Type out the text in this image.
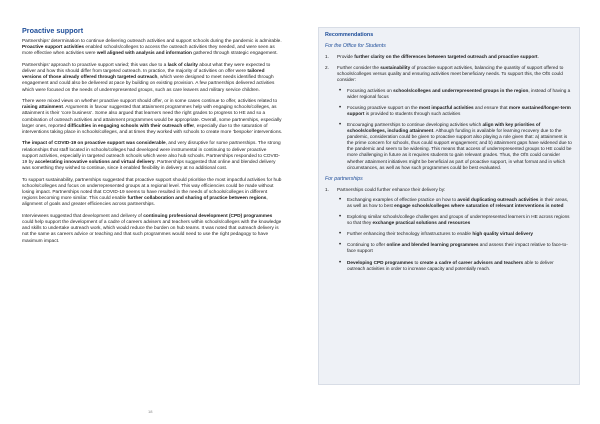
Proactive support

Partnerships’ determination to continue delivering outreach activities and support schools during the pandemic is admirable. Proactive support activities enabled schools/colleges to access the outreach activities they needed, and were seen as more effective when activities were well aligned with analysis and information gathered through strategic engagement.

Partnerships’ approach to proactive support varied; this was due to a lack of clarity about what they were expected to deliver and how this should differ from targeted outreach. In practice, the majority of activities on offer were tailored versions of those already offered through targeted outreach, which were designed to meet needs identified through engagement and could also be delivered at pace by building on existing provision. A few partnerships delivered activities which were focused on the needs of underrepresented groups, such as care leavers and military service children.

There were mixed views on whether proactive support should offer, or in some cases continue to offer, activities related to raising attainment. Arguments in favour suggested that attainment programmes help with engaging schools/colleges, as attainment is their ‘core business’. Some also argued that learners need the right grades to progress to HE and so a combination of outreach activities and attainment programmes would be appropriate. Overall, some partnerships, especially larger ones, reported difficulties in engaging schools with their outreach offer, especially due to the saturation of interventions taking place in schools/colleges, and at times they worked with schools to create more ‘bespoke’ interventions.

The impact of COVID-19 on proactive support was considerable, and very disruptive for some partnerships. The strong relationships that staff located in schools/colleges had developed were instrumental in continuing to deliver proactive support activities, especially in targeted outreach schools which were also hub schools. Partnerships responded to COVID-19 by accelerating innovative solutions and virtual delivery. Partnerships suggested that online and blended delivery was something they wished to continue, since it enabled flexibility in delivery at no additional cost.

To support sustainability, partnerships suggested that proactive support should prioritise the most impactful activities for hub schools/colleges and focus on underrepresented groups at a regional level. This way efficiencies could be made without losing impact. Partnerships noted that COVID-19 seems to have resulted in the needs of schools/colleges in different regions becoming more similar. This could enable further collaboration and sharing of practice between regions, alignment of goals and greater efficiencies across partnerships.

Interviewees suggested that development and delivery of continuing professional development (CPD) programmes could help support the development of a cadre of careers advisers and teachers within schools/colleges with the knowledge and skills to undertake outreach work, which would reduce the burden on hub teams. It was noted that outreach delivery is not the same as careers advice or teaching and that such programmes would need to use the right pedagogy to have maximum impact.

18
Recommendations
For the Office for Students
1. Provide further clarity on the differences between targeted outreach and proactive support.
2. Further consider the sustainability of proactive support activities, balancing the quantity of support offered to schools/colleges versus quality and ensuring activities meet beneficiary needs. To support this, the OfS could consider:
• Focusing activities on schools/colleges and underrepresented groups in the region, instead of having a wider regional focus
• Focusing proactive support on the most impactful activities and ensure that more sustained/longer-term support is provided to students through such activities
• Encouraging partnerships to continue developing activities which align with key priorities of schools/colleges, including attainment. Although funding is available for learning recovery due to the pandemic, consideration could be given to proactive support also playing a role given that: a) attainment is the prime concern for schools, thus could support engagement; and b) attainment gaps have widened due to the pandemic and seem to be widening. This means that access of underrepresented groups to HE could be more challenging in future as it requires students to gain relevant grades. Thus, the OfS could consider whether attainment initiatives might be beneficial as part of proactive support, in what format and in which circumstances, as well as how such programmes could be best evaluated.
For partnerships
1. Partnerships could further enhance their delivery by:
• Exchanging examples of effective practice on how to avoid duplicating outreach activities in their areas, as well as how to best engage schools/colleges where saturation of relevant interventions is noted
• Exploring similar schools/college challenges and groups of underrepresented learners in HE across regions so that they exchange practical solutions and resources
• Further enhancing their technology infrastructures to enable high quality virtual delivery
• Continuing to offer online and blended learning programmes and assess their impact relative to face-to-face support
• Developing CPD programmes to create a cadre of career advisors and teachers able to deliver outreach activities in order to increase capacity and potentially reach.
